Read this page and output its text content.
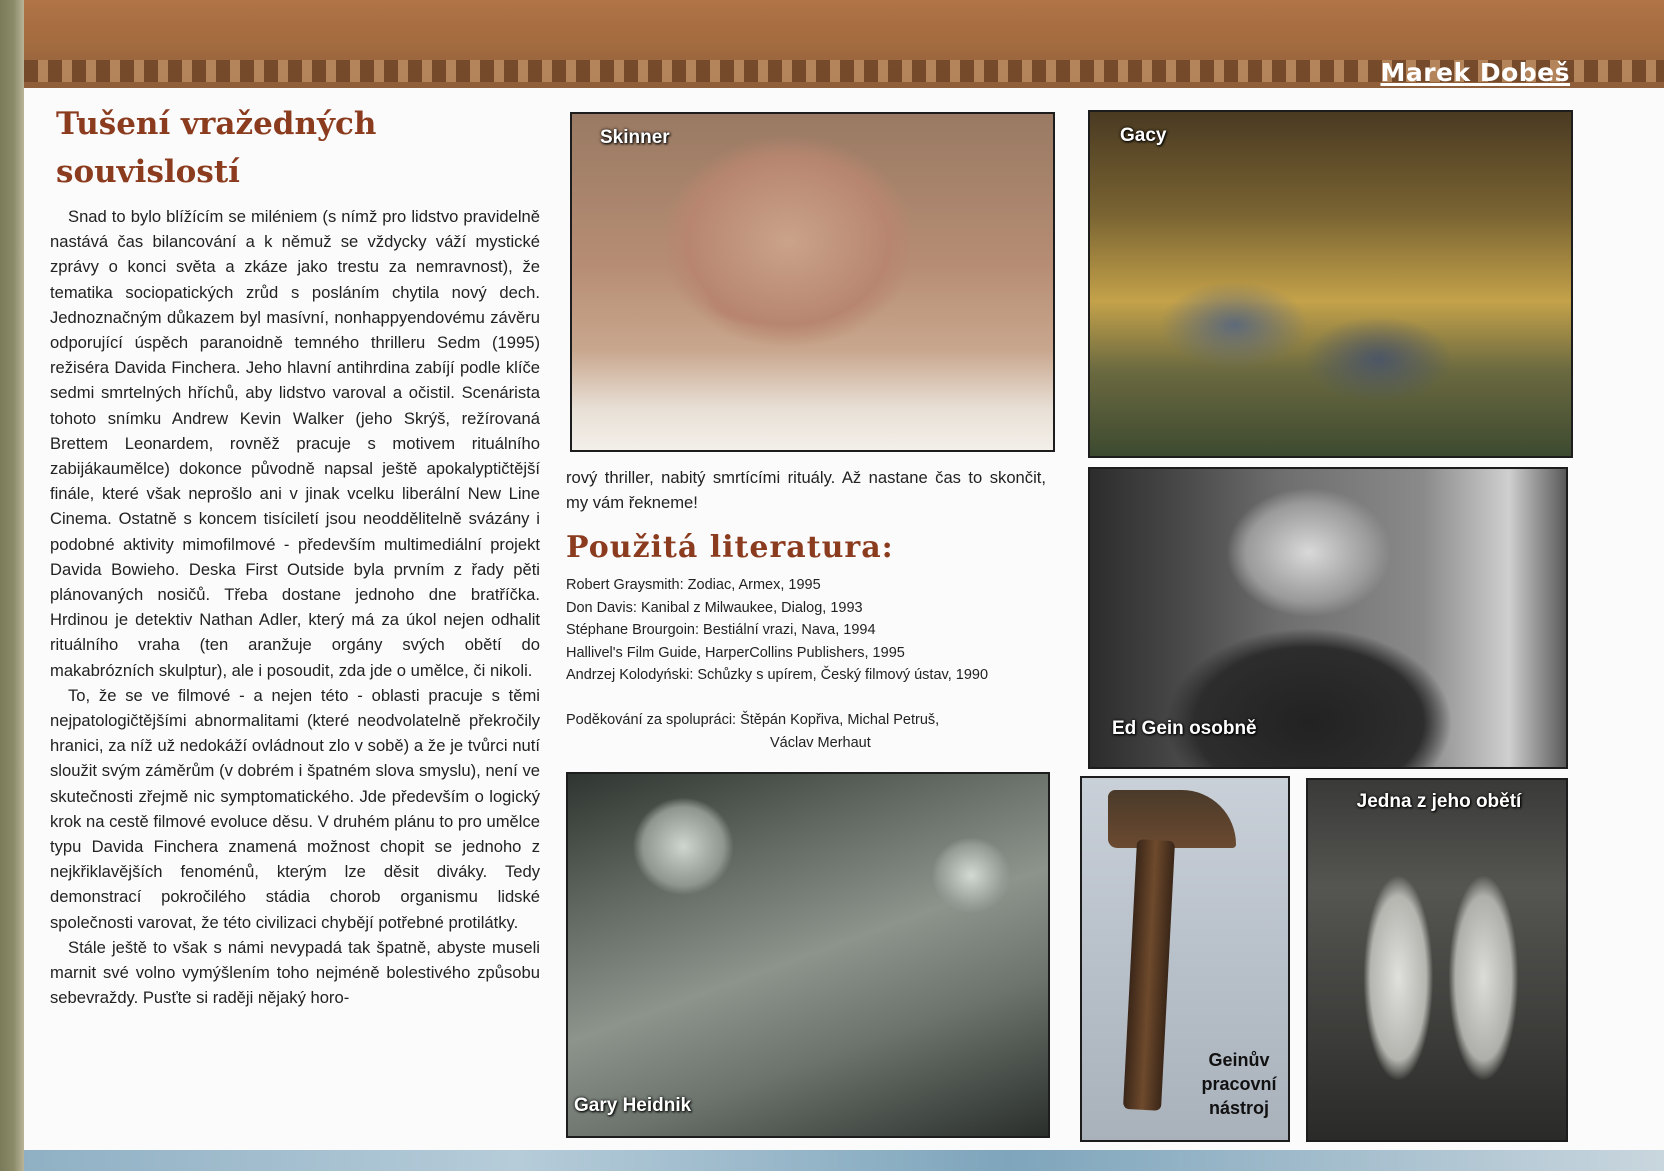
Marek Dobeš
Tušení vražedných
souvislostí

Snad to bylo blížícím se miléniem (s nímž pro lidstvo pravidelně nastává čas bilancování a k němuž se vždycky váží mystické zprávy o konci světa a zkáze jako trestu za nemravnost), že tematika sociopatických zrůd s posláním chytila nový dech. Jednoznačným důkazem byl masívní, nonhappyendovému závěru odporující úspěch paranoidně temného thrilleru Sedm (1995) režiséra Davida Finchera. Jeho hlavní antihrdina zabíjí podle klíče sedmi smrtelných hříchů, aby lidstvo varoval a očistil. Scenárista tohoto snímku Andrew Kevin Walker (jeho Skrýš, režírovaná Brettem Leonardem, rovněž pracuje s motivem rituálního zabijákaumělce) dokonce původně napsal ještě apokalyptičtější finále, které však neprošlo ani v jinak vcelku liberální New Line Cinema. Ostatně s koncem tisíciletí jsou neoddělitelně svázány i podobné aktivity mimofilmové - především multimediální projekt Davida Bowieho. Deska First Outside byla prvním z řady pěti plánovaných nosičů. Třeba dostane jednoho dne bratříčka. Hrdinou je detektiv Nathan Adler, který má za úkol nejen odhalit rituálního vraha (ten aranžuje orgány svých obětí do makabrózních skulptur), ale i posoudit, zda jde o umělce, či nikoli.

To, že se ve filmové - a nejen této - oblasti pracuje s těmi nejpatologičtějšími abnormalitami (které neodvolatelně překročily hranici, za níž už nedokáží ovládnout zlo v sobě) a že je tvůrci nutí sloužit svým záměrům (v dobrém i špatném slova smyslu), není ve skutečnosti zřejmě nic symptomatického. Jde především o logický krok na cestě filmové evoluce děsu. V druhém plánu to pro umělce typu Davida Finchera znamená možnost chopit se jednoho z nejkřiklavějších fenoménů, kterým lze děsit diváky. Tedy demonstrací pokročilého stádia chorob organismu lidské společnosti varovat, že této civilizaci chybějí potřebné protilátky.

Stále ještě to však s námi nevypadá tak špatně, abyste museli marnit své volno vymýšlením toho nejméně bolestivého způsobu sebevraždy. Pusťte si raději nějaký horo-

rový thriller, nabitý smrtícími rituály. Až nastane čas to skončit, my vám řekneme!
Použitá literatura:
Robert Graysmith: Zodiac, Armex, 1995
Don Davis: Kanibal z Milwaukee, Dialog, 1993
Stéphane Brourgoin: Bestiální vrazi, Nava, 1994
Hallivel's Film Guide, HarperCollins Publishers, 1995
Andrzej Kolodyński: Schůzky s upírem, Český filmový ústav, 1990
Poděkování za spolupráci: Štěpán Kopřiva, Michal Petruš,
Václav Merhaut
Skinner	Gacy
Ed Gein osobně
Gary Heidnik
Geinův pracovní nástroj
Jedna z jeho obětí
